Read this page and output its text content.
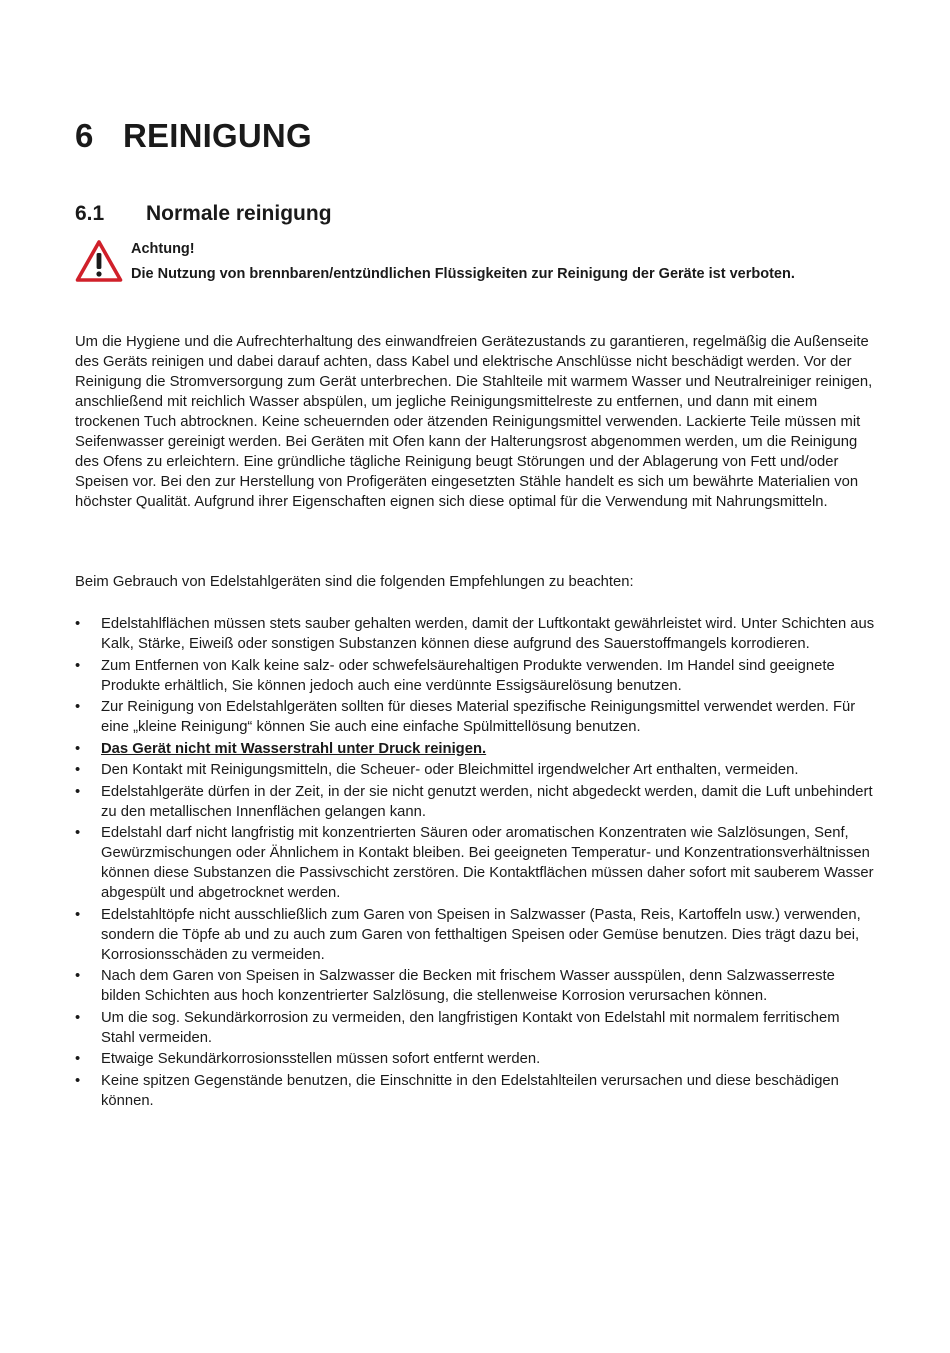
6 REINIGUNG
6.1 Normale reinigung

Achtung!

Die Nutzung von brennbaren/entzündlichen Flüssigkeiten zur Reinigung der Geräte ist verboten.

Um die Hygiene und die Aufrechterhaltung des einwandfreien Gerätezustands zu garantieren, regelmäßig die Außenseite des Geräts reinigen und dabei darauf achten, dass Kabel und elektrische Anschlüsse nicht beschädigt werden. Vor der Reinigung die Stromversorgung zum Gerät unterbrechen. Die Stahlteile mit warmem Wasser und Neutralreiniger reinigen, anschließend mit reichlich Wasser abspülen, um jegliche Reinigungsmittelreste zu entfernen, und dann mit einem trockenen Tuch abtrocknen. Keine scheuernden oder ätzenden Reinigungsmittel verwenden. Lackierte Teile müssen mit Seifenwasser gereinigt werden. Bei Geräten mit Ofen kann der Halterungsrost abgenommen werden, um die Reinigung des Ofens zu erleichtern. Eine gründliche tägliche Reinigung beugt Störungen und der Ablagerung von Fett und/oder Speisen vor. Bei den zur Herstellung von Profigeräten eingesetzten Stähle handelt es sich um bewährte Materialien von höchster Qualität. Aufgrund ihrer Eigenschaften eignen sich diese optimal für die Verwendung mit Nahrungsmitteln.

Beim Gebrauch von Edelstahlgeräten sind die folgenden Empfehlungen zu beachten:

•	Edelstahlflächen müssen stets sauber gehalten werden, damit der Luftkontakt gewährleistet wird. Unter Schichten aus Kalk, Stärke, Eiweiß oder sonstigen Substanzen können diese aufgrund des Sauerstoffmangels korrodieren.
•	Zum Entfernen von Kalk keine salz- oder schwefelsäurehaltigen Produkte verwenden. Im Handel sind geeignete Produkte erhältlich, Sie können jedoch auch eine verdünnte Essigsäurelösung benutzen.
•	Zur Reinigung von Edelstahlgeräten sollten für dieses Material spezifische Reinigungsmittel verwendet werden. Für eine „kleine Reinigung“ können Sie auch eine einfache Spülmittellösung benutzen.
•	Das Gerät nicht mit Wasserstrahl unter Druck reinigen.
•	Den Kontakt mit Reinigungsmitteln, die Scheuer- oder Bleichmittel irgendwelcher Art enthalten, vermeiden.
•	Edelstahlgeräte dürfen in der Zeit, in der sie nicht genutzt werden, nicht abgedeckt werden, damit die Luft unbehindert zu den metallischen Innenflächen gelangen kann.
•	Edelstahl darf nicht langfristig mit konzentrierten Säuren oder aromatischen Konzentraten wie Salzlösungen, Senf, Gewürzmischungen oder Ähnlichem in Kontakt bleiben. Bei geeigneten Temperatur- und Konzentrationsverhältnissen können diese Substanzen die Passivschicht zerstören. Die Kontaktflächen müssen daher sofort mit sauberem Wasser abgespült und abgetrocknet werden.
•	Edelstahltöpfe nicht ausschließlich zum Garen von Speisen in Salzwasser (Pasta, Reis, Kartoffeln usw.) verwenden, sondern die Töpfe ab und zu auch zum Garen von fetthaltigen Speisen oder Gemüse benutzen. Dies trägt dazu bei, Korrosionsschäden zu vermeiden.
•	Nach dem Garen von Speisen in Salzwasser die Becken mit frischem Wasser ausspülen, denn Salzwasserreste bilden Schichten aus hoch konzentrierter Salzlösung, die stellenweise Korrosion verursachen können.
•	Um die sog. Sekundärkorrosion zu vermeiden, den langfristigen Kontakt von Edelstahl mit normalem ferritischem Stahl vermeiden.
•	Etwaige Sekundärkorrosionsstellen müssen sofort entfernt werden.
•	Keine spitzen Gegenstände benutzen, die Einschnitte in den Edelstahlteilen verursachen und diese beschädigen können.
